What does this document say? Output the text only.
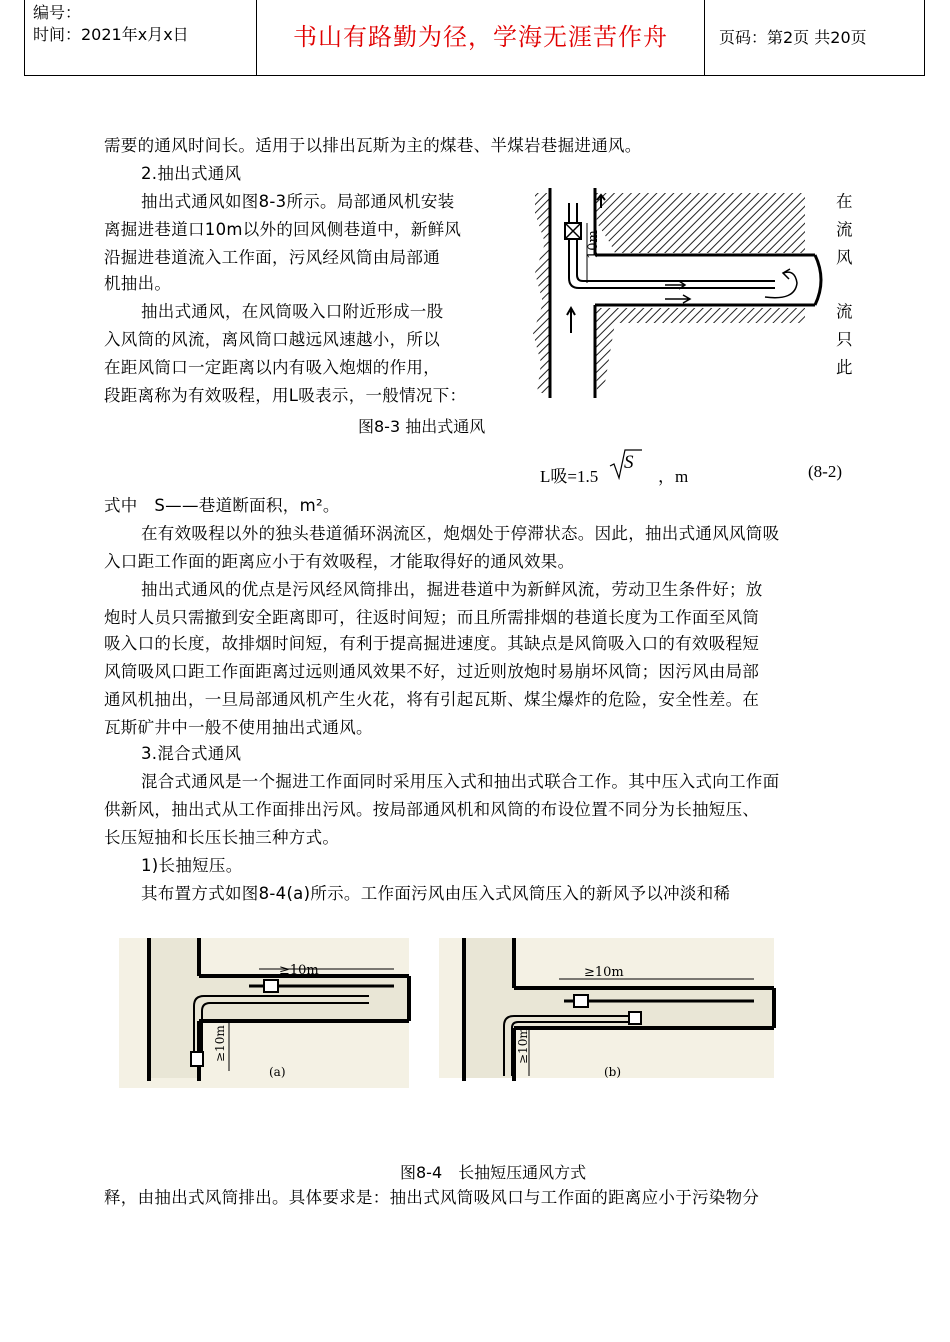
编号：
时间：2021年x月x日	书山有路勤为径，学海无涯苦作舟	页码：第2页 共20页
需要的通风时间长。适用于以排出瓦斯为主的煤巷、半煤岩巷掘进通风。
2.抽出式通风
抽出式通风如图8-3所示。局部通风机安装	在
离掘进巷道口10m以外的回风侧巷道中，新鲜风	流
沿掘进巷道流入工作面，污风经风筒由局部通	风
机抽出。
抽出式通风，在风筒吸入口附近形成一股	流
入风筒的风流，离风筒口越远风速越小，所以	只
在距风筒口一定距离以内有吸入炮烟的作用，	此
段距离称为有效吸程，用L吸表示，一般情况下：
10m
图8-3 抽出式通风
L吸=1.5
S
，m	(8-2)
式中　S——巷道断面积，m²。
在有效吸程以外的独头巷道循环涡流区，炮烟处于停滞状态。因此，抽出式通风风筒吸
入口距工作面的距离应小于有效吸程，才能取得好的通风效果。
抽出式通风的优点是污风经风筒排出，掘进巷道中为新鲜风流，劳动卫生条件好；放
炮时人员只需撤到安全距离即可，往返时间短；而且所需排烟的巷道长度为工作面至风筒
吸入口的长度，故排烟时间短，有利于提高掘进速度。其缺点是风筒吸入口的有效吸程短
风筒吸风口距工作面距离过远则通风效果不好，过近则放炮时易崩坏风筒；因污风由局部
通风机抽出，一旦局部通风机产生火花，将有引起瓦斯、煤尘爆炸的危险，安全性差。在
瓦斯矿井中一般不使用抽出式通风。
3.混合式通风
混合式通风是一个掘进工作面同时采用压入式和抽出式联合工作。其中压入式向工作面
供新风，抽出式从工作面排出污风。按局部通风机和风筒的布设位置不同分为长抽短压、
长压短抽和长压长抽三种方式。
1)长抽短压。
其布置方式如图8-4(a)所示。工作面污风由压入式风筒压入的新风予以冲淡和稀
≥10m
≥10m
(a)
≥10m
≥10m
(b)
图8-4　长抽短压通风方式
释，由抽出式风筒排出。具体要求是：抽出式风筒吸风口与工作面的距离应小于污染物分
